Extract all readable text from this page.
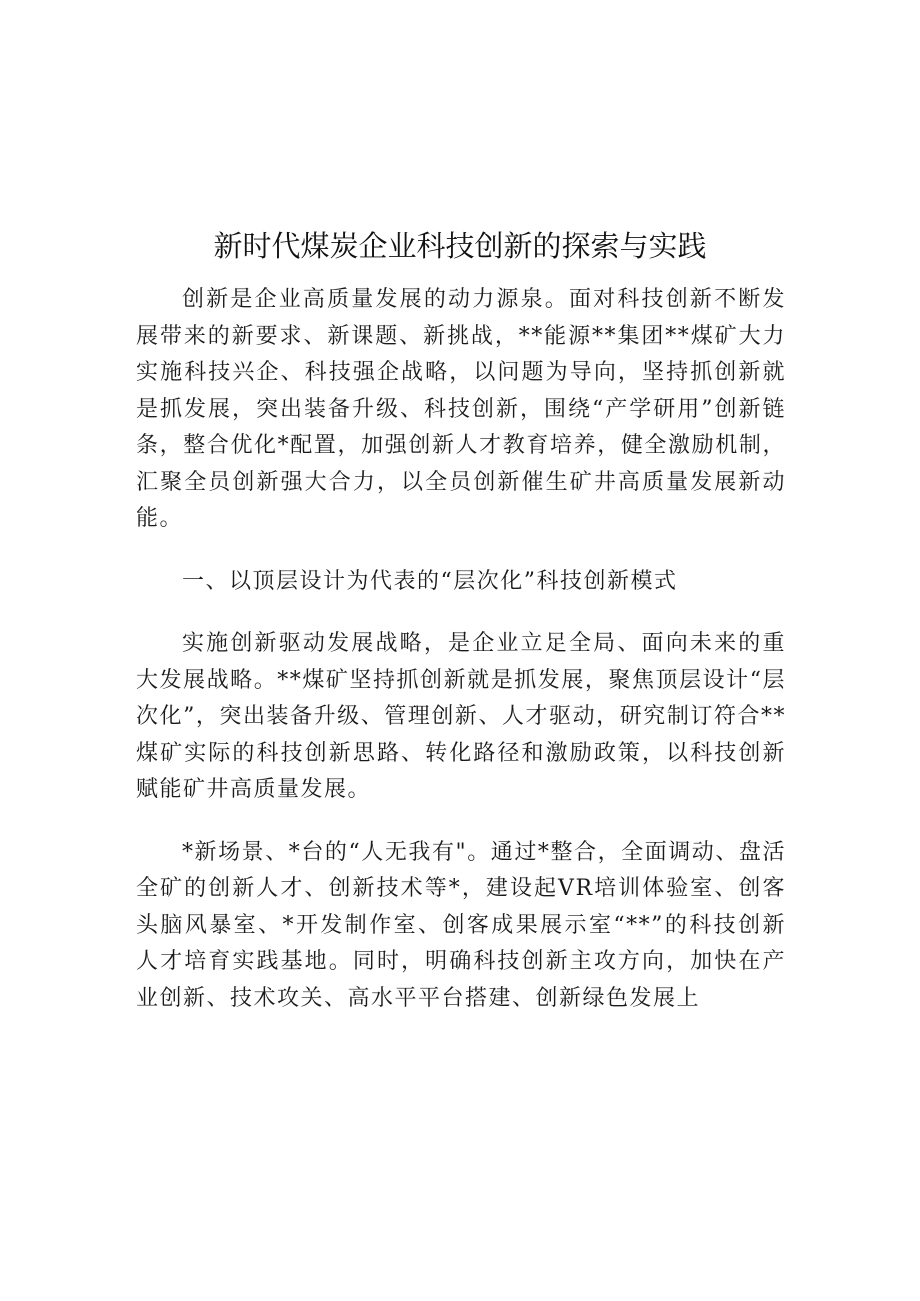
新时代煤炭企业科技创新的探索与实践

创新是企业高质量发展的动力源泉。面对科技创新不断发展带来的新要求、新课题、新挑战，**能源**集团**煤矿大力实施科技兴企、科技强企战略，以问题为导向，坚持抓创新就是抓发展，突出装备升级、科技创新，围绕“产学研用”创新链条，整合优化*配置，加强创新人才教育培养，健全激励机制，汇聚全员创新强大合力，以全员创新催生矿井高质量发展新动能。

一、以顶层设计为代表的“层次化”科技创新模式

实施创新驱动发展战略，是企业立足全局、面向未来的重大发展战略。**煤矿坚持抓创新就是抓发展，聚焦顶层设计“层次化”，突出装备升级、管理创新、人才驱动，研究制订符合**煤矿实际的科技创新思路、转化路径和激励政策，以科技创新赋能矿井高质量发展。

*新场景、*台的“人无我有"。通过*整合，全面调动、盘活全矿的创新人才、创新技术等*，建设起VR培训体验室、创客头脑风暴室、*开发制作室、创客成果展示室“**”的科技创新人才培育实践基地。同时，明确科技创新主攻方向，加快在产业创新、技术攻关、高水平平台搭建、创新绿色发展上
